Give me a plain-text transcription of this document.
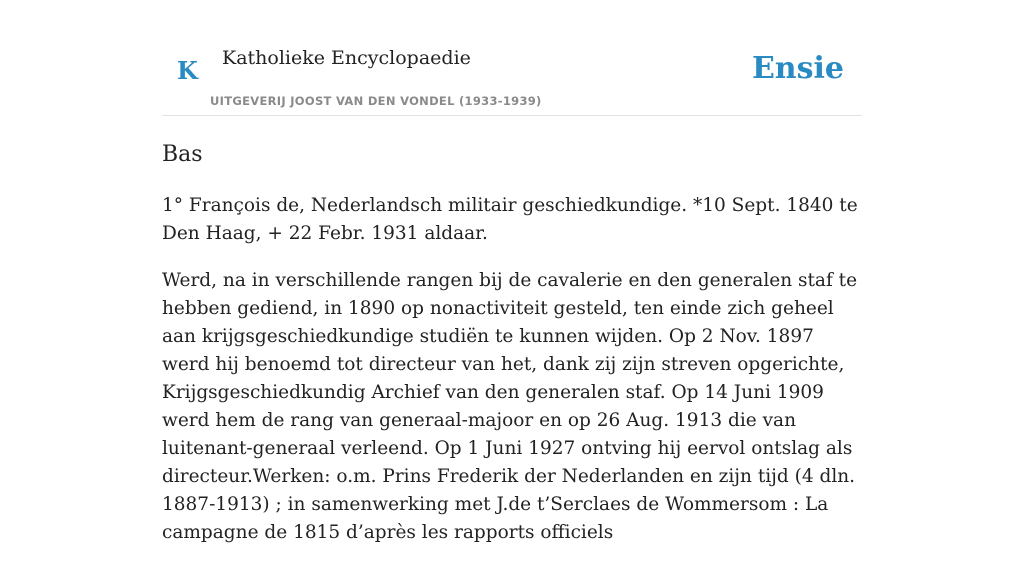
K Katholieke Encyclopaedie
UITGEVERIJ JOOST VAN DEN VONDEL (1933-1939)
Ensie
Bas

1° François de, Nederlandsch militair geschiedkundige. *10 Sept. 1840 te Den Haag, + 22 Febr. 1931 aldaar.

Werd, na in verschillende rangen bij de cavalerie en den generalen staf te hebben gediend, in 1890 op nonactiviteit gesteld, ten einde zich geheel aan krijgsgeschiedkundige studiën te kunnen wijden. Op 2 Nov. 1897 werd hij benoemd tot directeur van het, dank zij zijn streven opgerichte, Krijgsgeschiedkundig Archief van den generalen staf. Op 14 Juni 1909 werd hem de rang van generaal-majoor en op 26 Aug. 1913 die van luitenant-generaal verleend. Op 1 Juni 1927 ontving hij eervol ontslag als directeur.Werken: o.m. Prins Frederik der Nederlanden en zijn tijd (4 dln. 1887-1913) ; in samenwerking met J.de t’Serclaes de Wommersom : La campagne de 1815 d’après les rapports officiels
